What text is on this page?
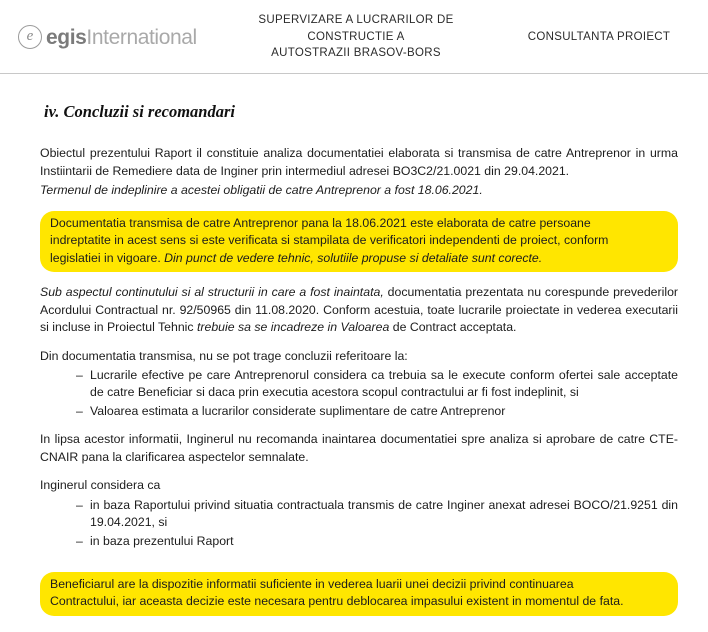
e
egisInternational
SUPERVIZARE A LUCRARILOR DE CONSTRUCTIE A
AUTOSTRAZII BRASOV-BORS
CONSULTANTA PROIECT
iv. Concluzii si recomandari

Obiectul prezentului Raport il constituie analiza documentatiei elaborata si transmisa de catre Antreprenor in urma Instiintarii de Remediere data de Inginer prin intermediul adresei BO3C2/21.0021 din 29.04.2021.

Termenul de indeplinire a acestei obligatii de catre Antreprenor a fost 18.06.2021.

Documentatia transmisa de catre Antreprenor pana la 18.06.2021 este elaborata de catre persoane

indreptatite in acest sens si este verificata si stampilata de verificatori independenti de proiect, conform

legislatiei in vigoare. Din punct de vedere tehnic, solutiile propuse si detaliate sunt corecte.

Sub aspectul continutului si al structurii in care a fost inaintata, documentatia prezentata nu corespunde prevederilor Acordului Contractual nr. 92/50965 din 11.08.2020. Conform acestuia, toate lucrarile proiectate in vederea executarii si incluse in Proiectul Tehnic trebuie sa se incadreze in Valoarea de Contract acceptata.

Din documentatia transmisa, nu se pot trage concluzii referitoare la:

– Lucrarile efective pe care Antreprenorul considera ca trebuia sa le execute conform ofertei sale acceptate de catre Beneficiar si daca prin executia acestora scopul contractului ar fi fost indeplinit, si
– Valoarea estimata a lucrarilor considerate suplimentare de catre Antreprenor

In lipsa acestor informatii, Inginerul nu recomanda inaintarea documentatiei spre analiza si aprobare de catre CTE-CNAIR pana la clarificarea aspectelor semnalate.

Inginerul considera ca

– in baza Raportului privind situatia contractuala transmis de catre Inginer anexat adresei BOCO/21.9251 din 19.04.2021, si
– in baza prezentului Raport

Beneficiarul are la dispozitie informatii suficiente in vederea luarii unei decizii privind continuarea

Contractului, iar aceasta decizie este necesara pentru deblocarea impasului existent in momentul de fata.
